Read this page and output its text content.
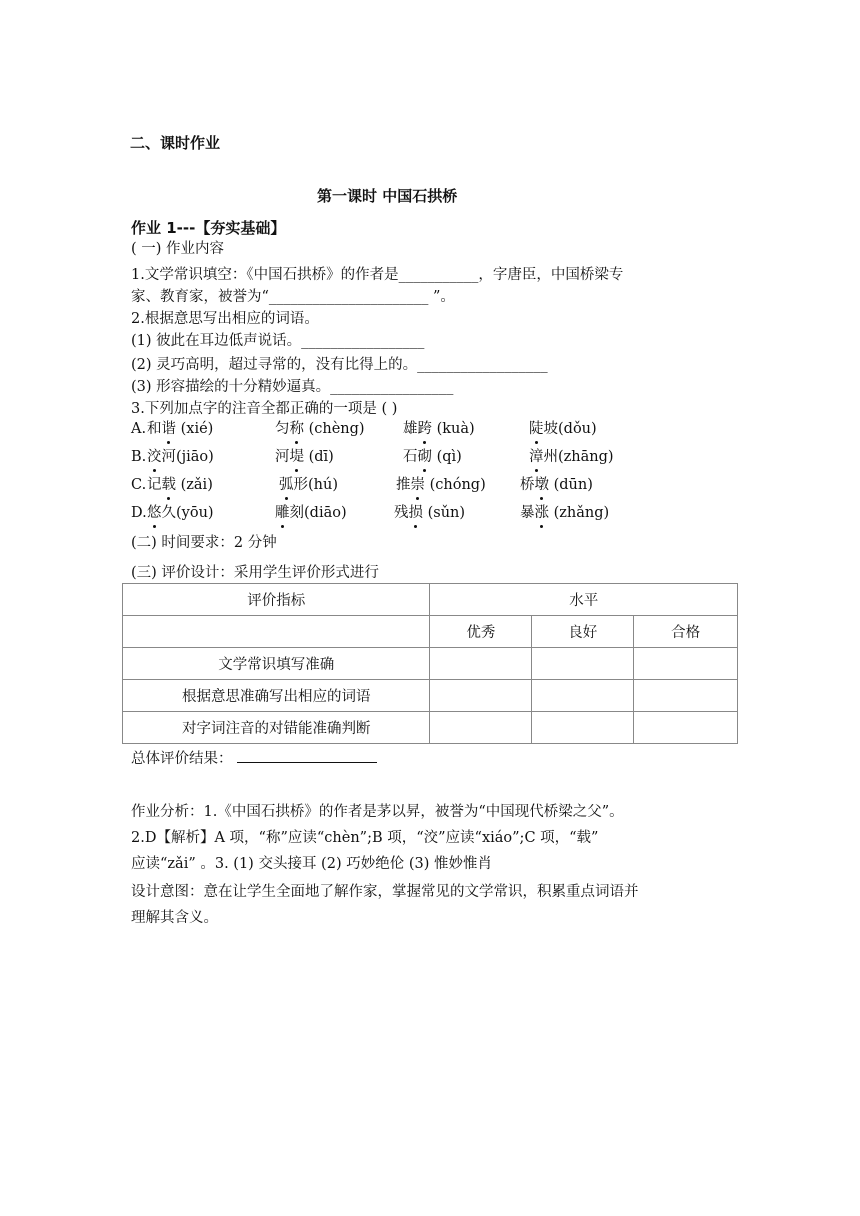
二、课时作业
第一课时 中国石拱桥
作业 1---【夯实基础】
( 一) 作业内容
1.文学常识填空：《中国石拱桥》的作者是___________，字唐臣，中国桥梁专
家、教育家，被誉为“______________________ ”。
2.根据意思写出相应的词语。
(1) 彼此在耳边低声说话。_________________
(2) 灵巧高明，超过寻常的，没有比得上的。__________________
(3) 形容描绘的十分精妙逼真。_________________
3.下列加点字的注音全都正确的一项是 ( )
A. 和谐 (xié)	匀称 (chèng)	雄跨 (kuà)	陡坡(dǒu)
B. 洨河(jiāo)	河堤 (dī)	石砌 (qì)	漳州(zhāng)
C. 记载 (zǎi)	弧形(hú)	推崇 (chóng) 桥墩 (dūn)
D. 悠久(yōu)	雕刻(diāo)	残损 (sǔn)	暴涨 (zhǎng)
(二) 时间要求：2 分钟
(三) 评价设计：采用学生评价形式进行
评价指标	水平		
	优秀	良好	合格
文学常识填写准确			
根据意思准确写出相应的词语			
对字词注音的对错能准确判断			
总体评价结果：
作业分析：1.《中国石拱桥》的作者是茅以昇，被誉为“中国现代桥梁之父”。
2.D【解析】A 项，“称”应读“chèn”;B 项，“洨”应读“xiáo”;C 项，“载”
应读“zǎi” 。3. (1) 交头接耳 (2) 巧妙绝伦 (3) 惟妙惟肖
设计意图：意在让学生全面地了解作家，掌握常见的文学常识，积累重点词语并
理解其含义。
